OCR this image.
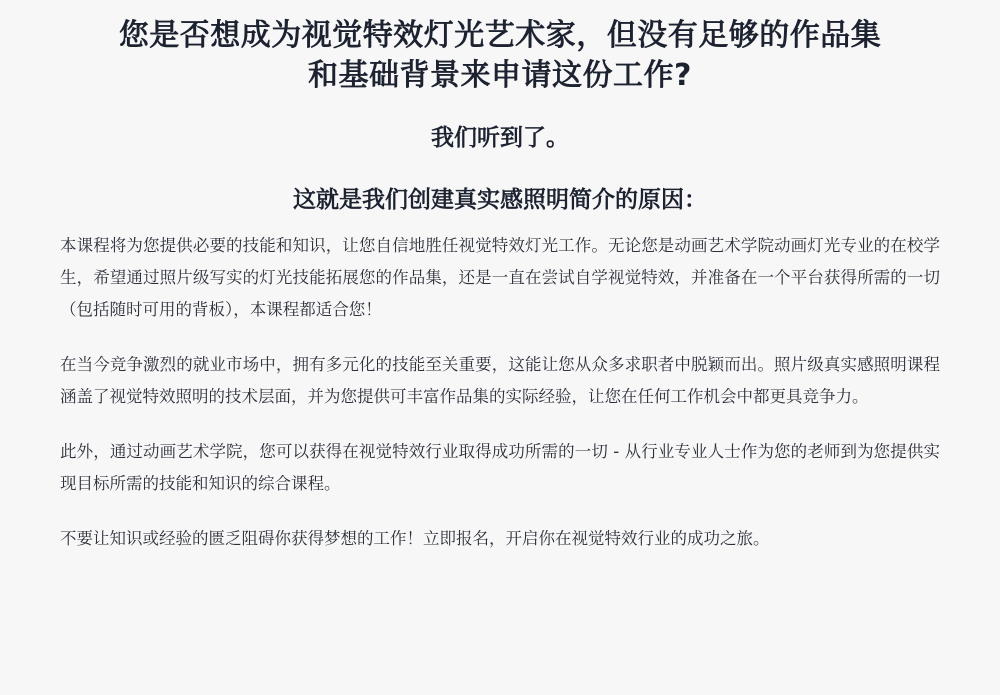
您是否想成为视觉特效灯光艺术家，但没有足够的作品集
和基础背景来申请这份工作?
我们听到了。
这就是我们创建真实感照明简介的原因：

本课程将为您提供必要的技能和知识，让您自信地胜任视觉特效灯光工作。无论您是动画艺术学院动画灯光专业的在校学生，希望通过照片级写实的灯光技能拓展您的作品集，还是一直在尝试自学视觉特效，并准备在一个平台获得所需的一切（包括随时可用的背板），本课程都适合您！

在当今竞争激烈的就业市场中，拥有多元化的技能至关重要，这能让您从众多求职者中脱颖而出。照片级真实感照明课程涵盖了视觉特效照明的技术层面，并为您提供可丰富作品集的实际经验，让您在任何工作机会中都更具竞争力。

此外，通过动画艺术学院，您可以获得在视觉特效行业取得成功所需的一切 - 从行业专业人士作为您的老师到为您提供实现目标所需的技能和知识的综合课程。

不要让知识或经验的匮乏阻碍你获得梦想的工作！立即报名，开启你在视觉特效行业的成功之旅。
